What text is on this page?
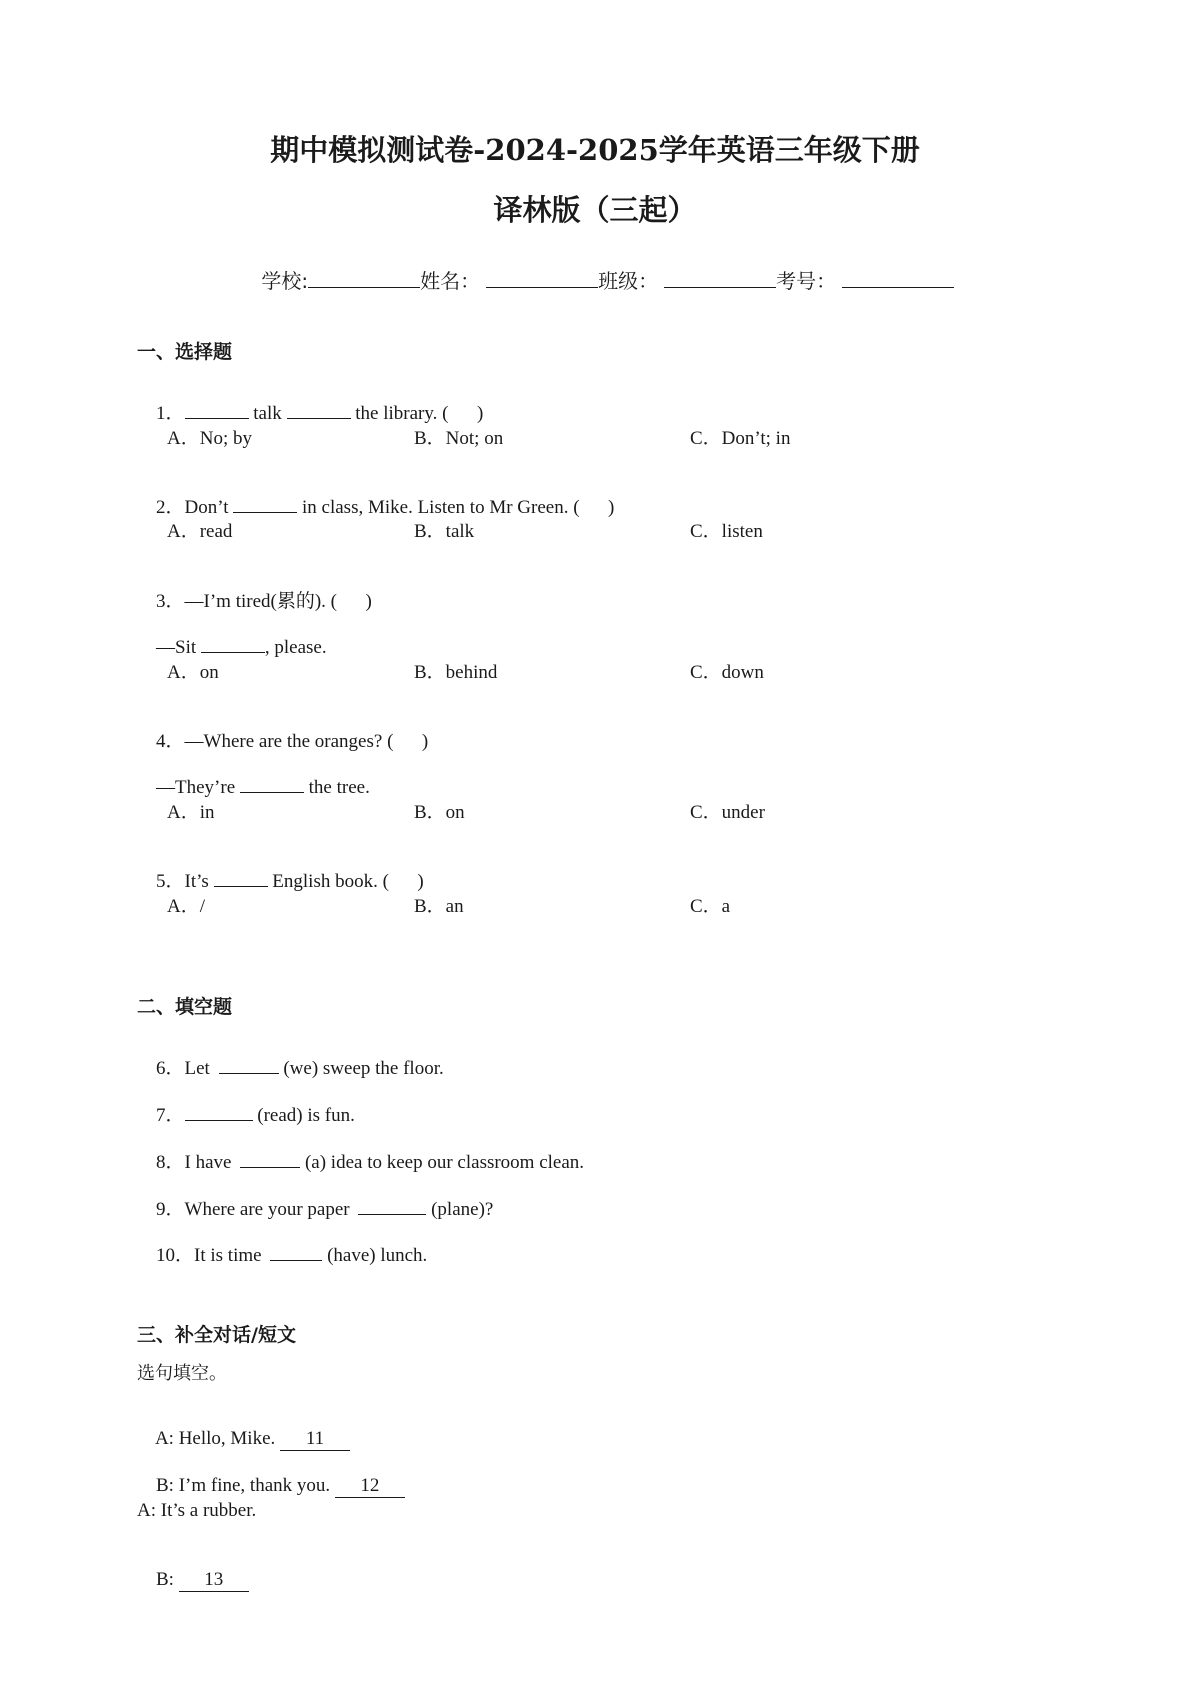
期中模拟测试卷-2024-2025学年英语三年级下册
译林版（三起）

学校:	姓名：	班级：	考号：

一、选择题

1．	talk	the library. (      )

A．No; by	B．Not; on	C．Don’t; in

2．Don’t	in class, Mike. Listen to Mr Green. (      )

A．read	B．talk	C．listen

3．—I’m tired(累的). (      )

—Sit	, please.

A．on	B．behind	C．down

4．—Where are the oranges? (      )

—They’re	the tree.

A．in	B．on	C．under

5．It’s	English book. (      )

A．/	B．an	C．a
二、填空题

6．Let	(we) sweep the floor.

7．	(read) is fun.

8．I have	(a) idea to keep our classroom clean.

9．Where are your paper	(plane)?

10．It is time	(have) lunch.

三、补全对话/短文
选句填空。

A: Hello, Mike. 11

B: I’m fine, thank you. 12

A: It’s a rubber.

B: 13
